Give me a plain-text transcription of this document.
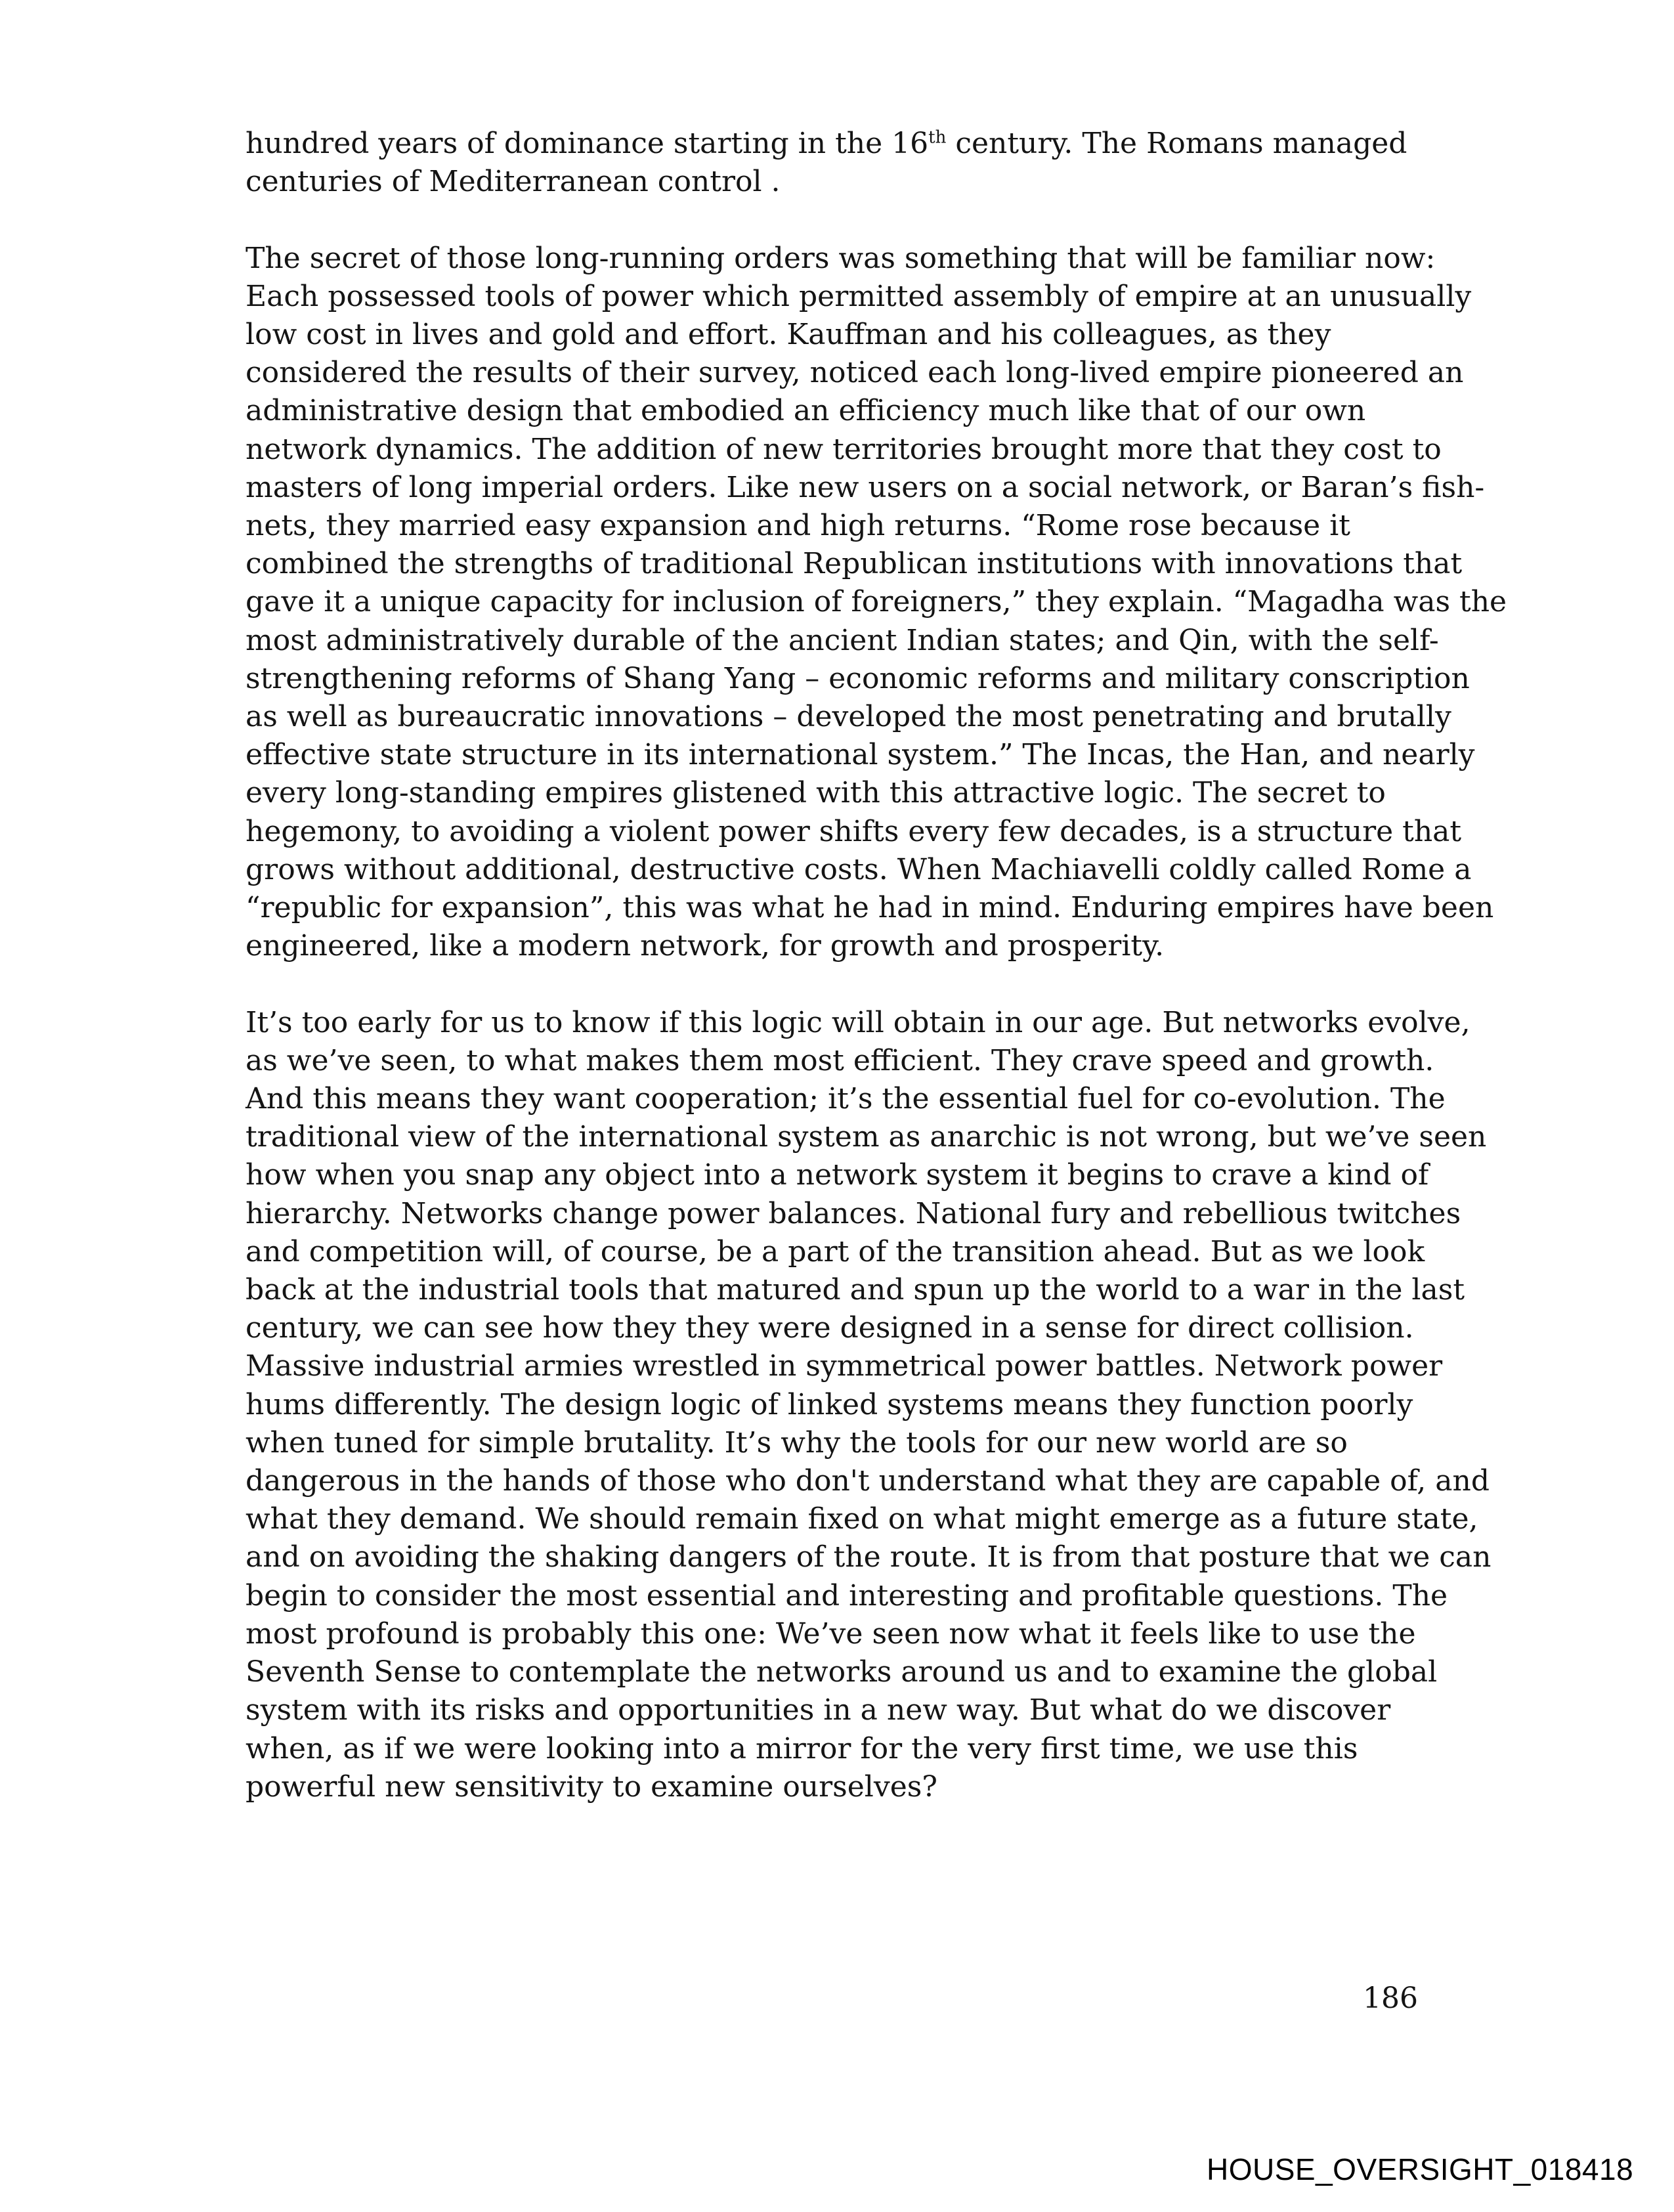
hundred years of dominance starting in the 16th century. The Romans managed
centuries of Mediterranean control .
The secret of those long-running orders was something that will be familiar now:
Each possessed tools of power which permitted assembly of empire at an unusually
low cost in lives and gold and effort. Kauffman and his colleagues, as they
considered the results of their survey, noticed each long-lived empire pioneered an
administrative design that embodied an efficiency much like that of our own
network dynamics. The addition of new territories brought more that they cost to
masters of long imperial orders. Like new users on a social network, or Baran’s fish-
nets, they married easy expansion and high returns. “Rome rose because it
combined the strengths of traditional Republican institutions with innovations that
gave it a unique capacity for inclusion of foreigners,” they explain. “Magadha was the
most administratively durable of the ancient Indian states; and Qin, with the self-
strengthening reforms of Shang Yang – economic reforms and military conscription
as well as bureaucratic innovations – developed the most penetrating and brutally
effective state structure in its international system.” The Incas, the Han, and nearly
every long-standing empires glistened with this attractive logic. The secret to
hegemony, to avoiding a violent power shifts every few decades, is a structure that
grows without additional, destructive costs. When Machiavelli coldly called Rome a
“republic for expansion”, this was what he had in mind. Enduring empires have been
engineered, like a modern network, for growth and prosperity.
It’s too early for us to know if this logic will obtain in our age. But networks evolve,
as we’ve seen, to what makes them most efficient. They crave speed and growth.
And this means they want cooperation; it’s the essential fuel for co-evolution. The
traditional view of the international system as anarchic is not wrong, but we’ve seen
how when you snap any object into a network system it begins to crave a kind of
hierarchy. Networks change power balances. National fury and rebellious twitches
and competition will, of course, be a part of the transition ahead. But as we look
back at the industrial tools that matured and spun up the world to a war in the last
century, we can see how they they were designed in a sense for direct collision.
Massive industrial armies wrestled in symmetrical power battles. Network power
hums differently. The design logic of linked systems means they function poorly
when tuned for simple brutality. It’s why the tools for our new world are so
dangerous in the hands of those who don't understand what they are capable of, and
what they demand. We should remain fixed on what might emerge as a future state,
and on avoiding the shaking dangers of the route. It is from that posture that we can
begin to consider the most essential and interesting and profitable questions. The
most profound is probably this one: We’ve seen now what it feels like to use the
Seventh Sense to contemplate the networks around us and to examine the global
system with its risks and opportunities in a new way. But what do we discover
when, as if we were looking into a mirror for the very first time, we use this
powerful new sensitivity to examine ourselves?
186
HOUSE_OVERSIGHT_018418
